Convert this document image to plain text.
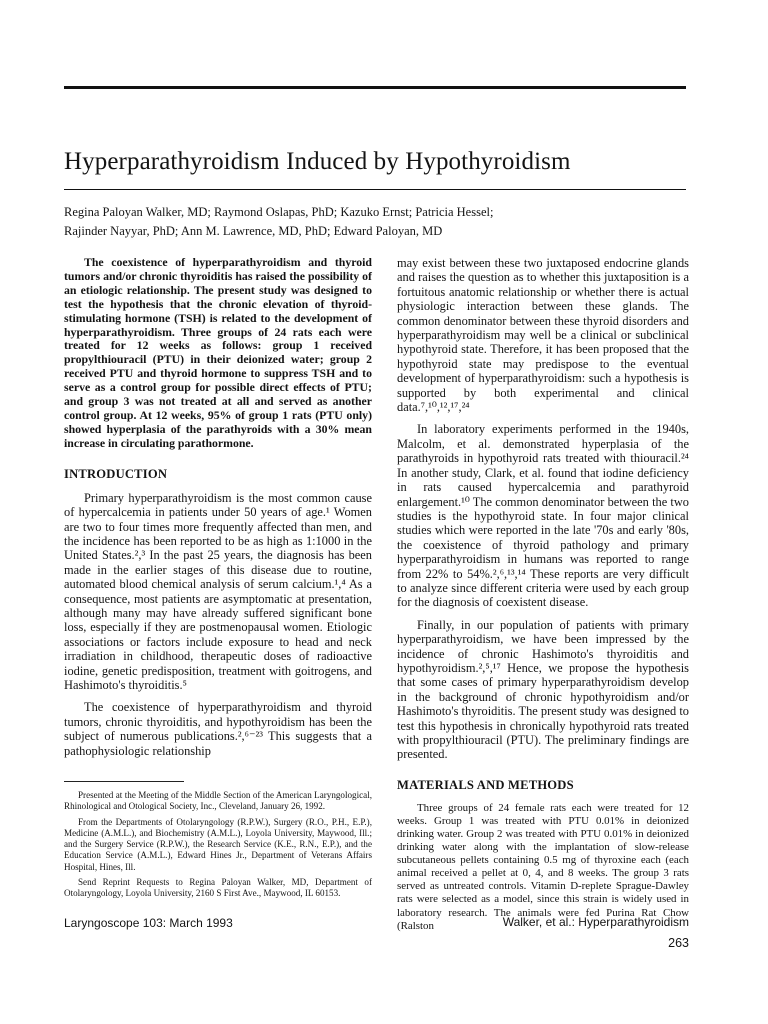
Hyperparathyroidism Induced by Hypothyroidism
Regina Paloyan Walker, MD; Raymond Oslapas, PhD; Kazuko Ernst; Patricia Hessel;
Rajinder Nayyar, PhD; Ann M. Lawrence, MD, PhD; Edward Paloyan, MD

The coexistence of hyperparathyroidism and thyroid tumors and/or chronic thyroiditis has raised the possibility of an etiologic relationship. The present study was designed to test the hypothesis that the chronic elevation of thyroid-stimulating hormone (TSH) is related to the development of hyperparathyroidism. Three groups of 24 rats each were treated for 12 weeks as follows: group 1 received propylthiouracil (PTU) in their deionized water; group 2 received PTU and thyroid hormone to suppress TSH and to serve as a control group for possible direct effects of PTU; and group 3 was not treated at all and served as another control group. At 12 weeks, 95% of group 1 rats (PTU only) showed hyperplasia of the parathyroids with a 30% mean increase in circulating parathormone.

INTRODUCTION

Primary hyperparathyroidism is the most common cause of hypercalcemia in patients under 50 years of age.¹ Women are two to four times more frequently affected than men, and the incidence has been reported to be as high as 1:1000 in the United States.²,³ In the past 25 years, the diagnosis has been made in the earlier stages of this disease due to routine, automated blood chemical analysis of serum calcium.¹,⁴ As a consequence, most patients are asymptomatic at presentation, although many may have already suffered significant bone loss, especially if they are postmenopausal women. Etiologic associations or factors include exposure to head and neck irradiation in childhood, therapeutic doses of radioactive iodine, genetic predisposition, treatment with goitrogens, and Hashimoto's thyroiditis.⁵

The coexistence of hyperparathyroidism and thyroid tumors, chronic thyroiditis, and hypothyroidism has been the subject of numerous publications.²,⁶⁻²³ This suggests that a pathophysiologic relationship

may exist between these two juxtaposed endocrine glands and raises the question as to whether this juxtaposition is a fortuitous anatomic relationship or whether there is actual physiologic interaction between these glands. The common denominator between these thyroid disorders and hyperparathyroidism may well be a clinical or subclinical hypothyroid state. Therefore, it has been proposed that the hypothyroid state may predispose to the eventual development of hyperparathyroidism: such a hypothesis is supported by both experimental and clinical data.⁷,¹⁰,¹²,¹⁷,²⁴

In laboratory experiments performed in the 1940s, Malcolm, et al. demonstrated hyperplasia of the parathyroids in hypothyroid rats treated with thiouracil.²⁴ In another study, Clark, et al. found that iodine deficiency in rats caused hypercalcemia and parathyroid enlargement.¹⁰ The common denominator between the two studies is the hypothyroid state. In four major clinical studies which were reported in the late '70s and early '80s, the coexistence of thyroid pathology and primary hyperparathyroidism in humans was reported to range from 22% to 54%.²,⁶,¹³,¹⁴ These reports are very difficult to analyze since different criteria were used by each group for the diagnosis of coexistent disease.

Finally, in our population of patients with primary hyperparathyroidism, we have been impressed by the incidence of chronic Hashimoto's thyroiditis and hypothyroidism.²,⁵,¹⁷ Hence, we propose the hypothesis that some cases of primary hyperparathyroidism develop in the background of chronic hypothyroidism and/or Hashimoto's thyroiditis. The present study was designed to test this hypothesis in chronically hypothyroid rats treated with propylthiouracil (PTU). The preliminary findings are presented.

MATERIALS AND METHODS

Three groups of 24 female rats each were treated for 12 weeks. Group 1 was treated with PTU 0.01% in deionized drinking water. Group 2 was treated with PTU 0.01% in deionized drinking water along with the implantation of slow-release subcutaneous pellets containing 0.5 mg of thyroxine each (each animal received a pellet at 0, 4, and 8 weeks. The group 3 rats served as untreated controls. Vitamin D-replete Sprague-Dawley rats were selected as a model, since this strain is widely used in laboratory research. The animals were fed Purina Rat Chow (Ralston

Presented at the Meeting of the Middle Section of the American Laryngological, Rhinological and Otological Society, Inc., Cleveland, January 26, 1992.

From the Departments of Otolaryngology (R.P.W.), Surgery (R.O., P.H., E.P.), Medicine (A.M.L.), and Biochemistry (A.M.L.), Loyola University, Maywood, Ill.; and the Surgery Service (R.P.W.), the Research Service (K.E., R.N., E.P.), and the Education Service (A.M.L.), Edward Hines Jr., Department of Veterans Affairs Hospital, Hines, Ill.

Send Reprint Requests to Regina Paloyan Walker, MD, Department of Otolaryngology, Loyola University, 2160 S First Ave., Maywood, IL 60153.

Laryngoscope 103: March 1993	Walker, et al.: Hyperparathyroidism
263
